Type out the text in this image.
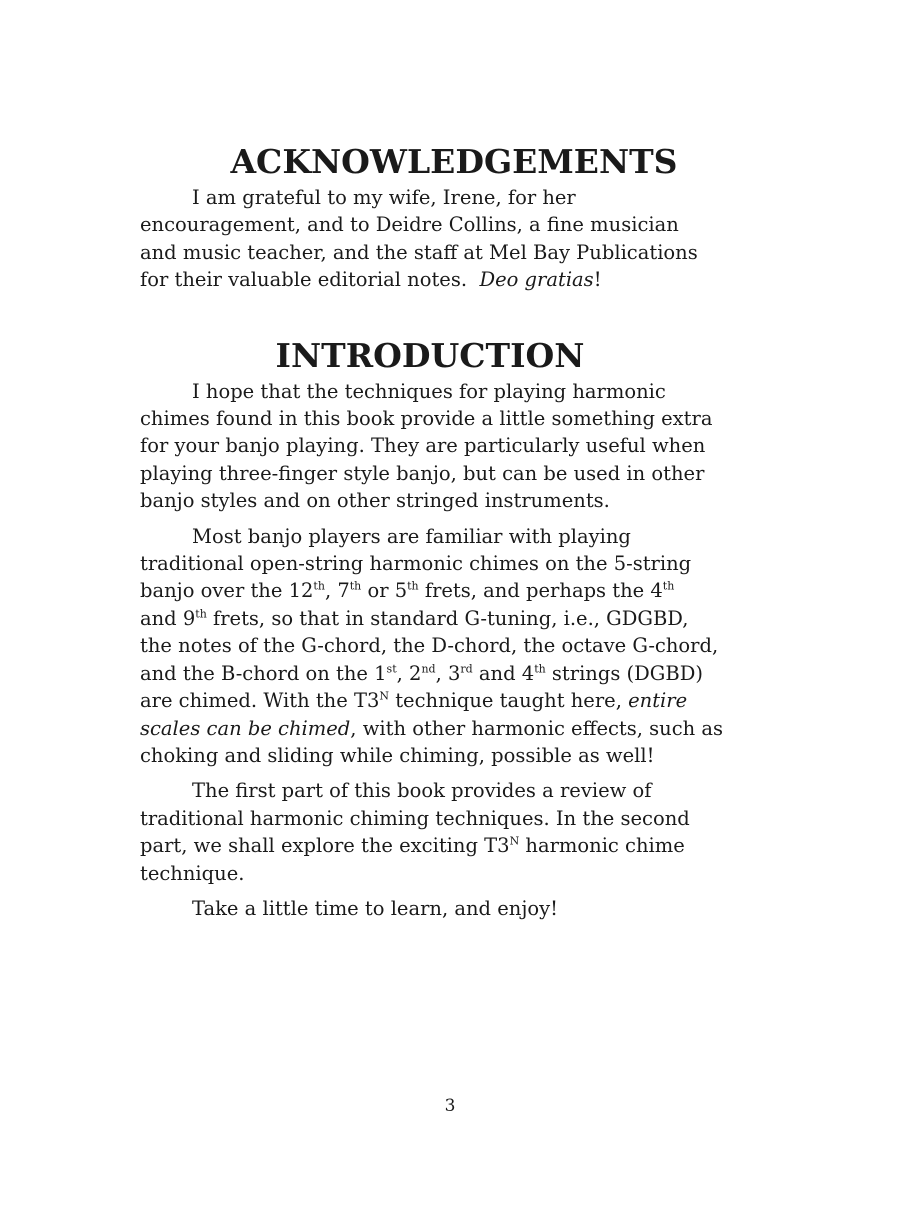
ACKNOWLEDGEMENTS

I am grateful to my wife, Irene, for her
encouragement, and to Deidre Collins, a fine musician
and music teacher, and the staff at Mel Bay Publications
for their valuable editorial notes. Deo gratias!

INTRODUCTION

I hope that the techniques for playing harmonic
chimes found in this book provide a little something extra
for your banjo playing. They are particularly useful when
playing three-finger style banjo, but can be used in other
banjo styles and on other stringed instruments.

Most banjo players are familiar with playing
traditional open-string harmonic chimes on the 5-string
banjo over the 12th, 7th or 5th frets, and perhaps the 4th
and 9th frets, so that in standard G-tuning, i.e., GDGBD,
the notes of the G-chord, the D-chord, the octave G-chord,
and the B-chord on the 1st, 2nd, 3rd and 4th strings (DGBD)
are chimed. With the $T3^N$ technique taught here, entire
scales can be chimed, with other harmonic effects, such as
choking and sliding while chiming, possible as well!

The first part of this book provides a review of
traditional harmonic chiming techniques. In the second
part, we shall explore the exciting $T3^N$ harmonic chime
technique.

Take a little time to learn, and enjoy!

3
